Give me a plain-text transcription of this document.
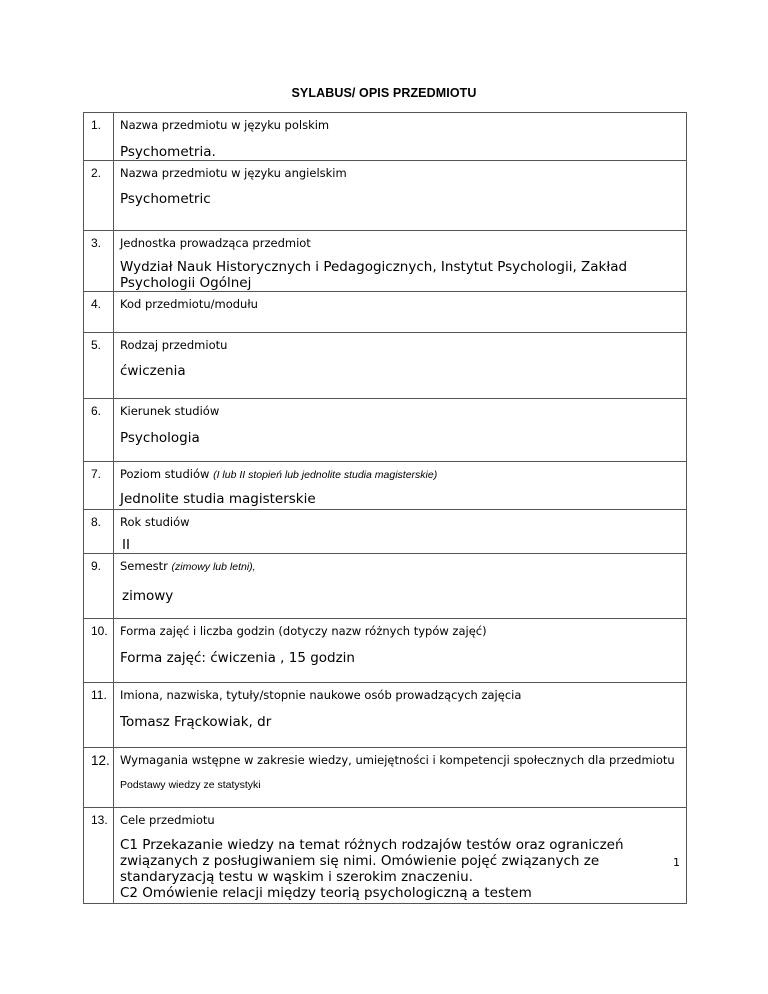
SYLABUS/ OPIS PRZEDMIOTU
1.	Nazwa przedmiotu w języku polskim
Psychometria.

2.	Nazwa przedmiotu w języku angielskim
Psychometric

3.	Jednostka prowadząca przedmiot
Wydział Nauk Historycznych i Pedagogicznych, Instytut Psychologii, Zakład Psychologii Ogólnej

4.	Kod przedmiotu/modułu

5.	Rodzaj przedmiotu
ćwiczenia

6.	Kierunek studiów
Psychologia

7.	Poziom studiów (I lub II stopień lub jednolite studia magisterskie)
Jednolite studia magisterskie

8.	Rok studiów
II

9.	Semestr (zimowy lub letni),
zimowy

10.	Forma zajęć i liczba godzin (dotyczy nazw różnych typów zajęć)
Forma zajęć: ćwiczenia , 15 godzin

11.	Imiona, nazwiska, tytuły/stopnie naukowe osób prowadzących zajęcia
Tomasz Frąckowiak, dr

12.	Wymagania wstępne w zakresie wiedzy, umiejętności i kompetencji społecznych dla przedmiotu
Podstawy wiedzy ze statystyki

13.	Cele przedmiotu
C1 Przekazanie wiedzy na temat różnych rodzajów testów oraz ograniczeń związanych z posługiwaniem się nimi. Omówienie pojęć związanych ze standaryzacją testu w wąskim i szerokim znaczeniu.
C2 Omówienie relacji między teorią psychologiczną a testem
1
